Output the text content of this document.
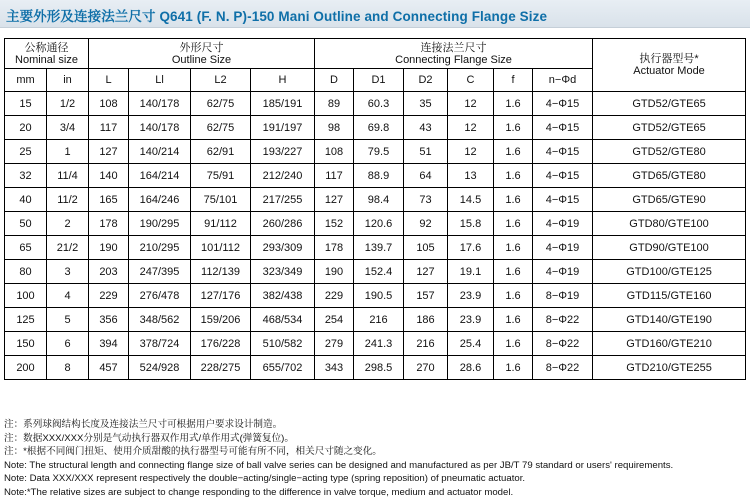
主要外形及连接法兰尺寸 Q641 (F. N. P)-150 Mani Outline and Connecting Flange Size
公称通径
Nominal size		外形尺寸
Outline Size				连接法兰尺寸
Connecting Flange Size						执行器型号*
Actuator Mode

mm	in	L	Ll	L2	H	D	D1	D2	C	f	n−Φd	
15	1/2	108	140/178	62/75	185/191	89	60.3	35	12	1.6	4−Φ15	GTD52/GTE65
20	3/4	117	140/178	62/75	191/197	98	69.8	43	12	1.6	4−Φ15	GTD52/GTE65
25	1	127	140/214	62/91	193/227	108	79.5	51	12	1.6	4−Φ15	GTD52/GTE80
32	11/4	140	164/214	75/91	212/240	117	88.9	64	13	1.6	4−Φ15	GTD65/GTE80
40	11/2	165	164/246	75/101	217/255	127	98.4	73	14.5	1.6	4−Φ15	GTD65/GTE90
50	2	178	190/295	91/112	260/286	152	120.6	92	15.8	1.6	4−Φ19	GTD80/GTE100
65	21/2	190	210/295	101/112	293/309	178	139.7	105	17.6	1.6	4−Φ19	GTD90/GTE100
80	3	203	247/395	112/139	323/349	190	152.4	127	19.1	1.6	4−Φ19	GTD100/GTE125
100	4	229	276/478	127/176	382/438	229	190.5	157	23.9	1.6	8−Φ19	GTD115/GTE160
125	5	356	348/562	159/206	468/534	254	216	186	23.9	1.6	8−Φ22	GTD140/GTE190
150	6	394	378/724	176/228	510/582	279	241.3	216	25.4	1.6	8−Φ22	GTD160/GTE210
200	8	457	524/928	228/275	655/702	343	298.5	270	28.6	1.6	8−Φ22	GTD210/GTE255
注：系列球阀结构长度及连接法兰尺寸可根据用户要求设计制造。
注：数据XXX/XXX分别是气动执行器双作用式/单作用式(弹簧复位)。
注：*根据不同阀门扭矩、使用介质甜酸的执行器型号可能有所不同，相关尺寸随之变化。
Note: The structural length and connecting flange size of ball valve series can be designed and manufactured as per JB/T 79 standard or users' requirements.
Note: Data XXX/XXX represent respectively the double−acting/single−acting type (spring reposition) of pneumatic actuator.
Note:*The relative sizes are subject to change responding to the difference in valve torque, medium and actuator model.
